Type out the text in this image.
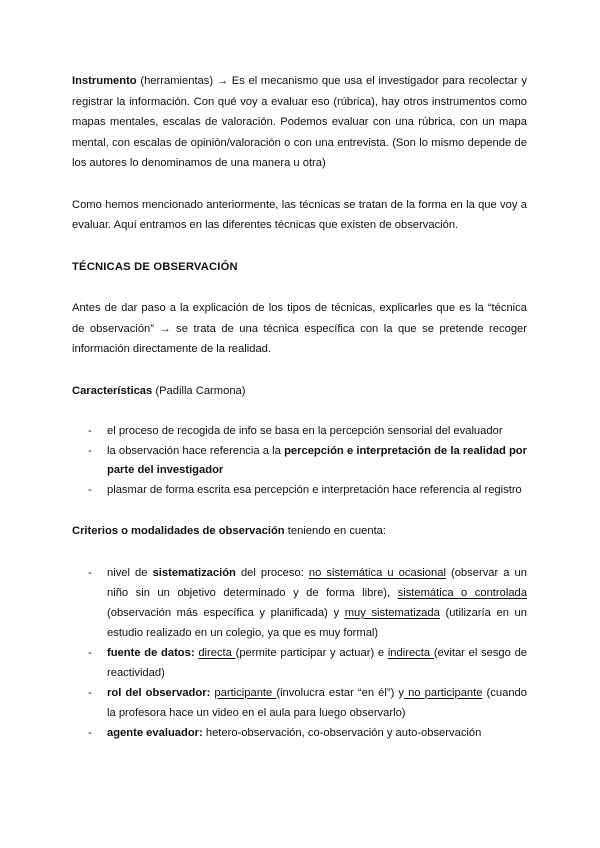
Instrumento (herramientas) → Es el mecanismo que usa el investigador para recolectar y registrar la información. Con qué voy a evaluar eso (rúbrica), hay otros instrumentos como mapas mentales, escalas de valoración. Podemos evaluar con una rúbrica, con un mapa mental, con escalas de opinión/valoración o con una entrevista. (Son lo mismo depende de los autores lo denominamos de una manera u otra)

Como hemos mencionado anteriormente, las técnicas se tratan de la forma en la que voy a evaluar. Aquí entramos en las diferentes técnicas que existen de observación.

TÉCNICAS DE OBSERVACIÓN

Antes de dar paso a la explicación de los tipos de técnicas, explicarles que es la “técnica de observación” → se trata de una técnica específica con la que se pretende recoger información directamente de la realidad.

Características (Padilla Carmona)

- el proceso de recogida de info se basa en la percepción sensorial del evaluador
- la observación hace referencia a la percepción e interpretación de la realidad por parte del investigador
- plasmar de forma escrita esa percepción e interpretación hace referencia al registro

Criterios o modalidades de observación teniendo en cuenta:

- nivel de sistematización del proceso: no sistemática u ocasional (observar a un niño sin un objetivo determinado y de forma libre), sistemática o controlada (observación más específica y planificada) y muy sistematizada (utilizaría en un estudio realizado en un colegio, ya que es muy formal)
- fuente de datos: directa (permite participar y actuar) e indirecta (evitar el sesgo de reactividad)
- rol del observador: participante (involucra estar “en él”) y no participante (cuando la profesora hace un video en el aula para luego observarlo)
- agente evaluador: hetero-observación, co-observación y auto-observación
